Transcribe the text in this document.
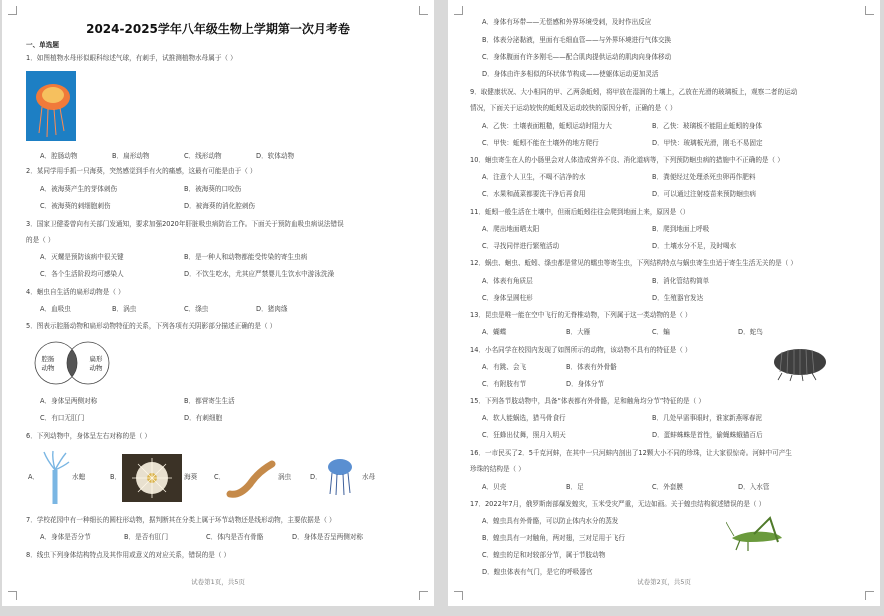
2024-2025学年八年级生物上学期第一次月考卷
一、单选题
1．如图植物水母形似眼科综述气球，有刺手，试推测植物水母属于（ ）
A．腔肠动物	B．扁形动物	C．线形动物	D．软体动物
2．某同学用手抓一只海葵，突然感觉到手有火的痛感，这最有可能是由于（ ）
A．被海葵产生的芽体刺伤	B．被海葵的口咬伤
C．被海葵的刺细胞刺伤	D．被海葵的消化腔刺伤
3．国家卫健委曾向有关部门发通知，要求加强2020年肝脏吸虫病防治工作。下面关于预防血吸虫病说法错误
的是（ ）
A．灭螺是预防该病中很关键	B．是一种人和动物都能受传染的寄生虫病
C．各个生活阶段均可感染人	D．不饮生吃水，尤其应严禁婴儿生饮水中游泳洗澡
4．蛔虫自生活的扁形动物是（ ）
A．血吸虫	B．涡虫	C．绦虫	D．猪肉绦
5．图表示腔肠动物和扁形动物特征的关系，下列各项有关阴影部分描述正确的是（ ）
腔肠
动物
扁形
动物
A．身体呈两侧对称	B．都营寄生生活
C．有口无肛门	D．有刺细胞
6．下列动物中，身体呈左右对称的是（ ）
A．	水螅	B．	海葵	C．	涡虫	D．	水母
7．学校花园中有一种细长的圆柱形动物，据判断其在分类上属于环节动物还是线形动物，主要依据是（ ）
A．身体是否分节	B．是否有肛门	C．体内是否有骨骼	D．身体是否呈两侧对称
8．线虫下列身体结构特点及其作用或意义的对应关系，错误的是（ ）
试卷第1页，共5页
A．身体有环带——无偿感和外界环境受刺，及时作出反应
B．体表分泌黏液，里面有毛细血管——与外界环境进行气体交换
C．身体腹面有许多刚毛——配合肌肉提供运动的肌肉向身体移动
D．身体由许多相似的环状体节构成——使躯体运动更加灵活
9．取健康状况、大小相同的甲、乙两条蚯蚓，将甲放在湿润的土壤上，乙放在光滑的玻璃板上，观察二者的运动
情况，下面关于运动较快的蚯蚓及运动较快的原因分析，正确的是（ ）
A．乙快：土壤表面粗糙，蚯蚓运动时阻力大	B．乙快：玻璃板不能阻止蚯蚓的身体
C．甲快：蚯蚓不能在土壤外的地方爬行	D．甲快：玻璃板光滑，刚毛不易固定
10．蛔虫寄生在人的小肠里会对人体造成营养不良、消化道病等，下列预防蛔虫病的措施中不正确的是（ ）
A．注意个人卫生，不喝不洁净的水	B．粪便经过处理杀死虫卵再作肥料
C．水果和蔬菜都要洗干净后再食用	D．可以通过注射疫苗来预防蛔虫病
11．蚯蚓一般生活在土壤中，但雨后蚯蚓往往会爬到地面上来，原因是（）
A．爬出地面晒太阳	B．爬到地面上呼吸
C．寻找同伴进行繁殖活动	D．土壤水分不足，及时喝水
12．蜗虫、蛔虫、蚯蚓、绦虫都是常见的蠕虫等寄生虫，下列结构特点与蜗虫寄生虫适于寄生生活无关的是（ ）
A．体表有角质层	B．消化管结构简单
C．身体呈圆柱形	D．生殖器官发达
13．昆虫是唯一能在空中飞行的无脊椎动物，下列属于这一类动物的是（ ）
A．蝴蝶	B．大雁	C．蝙	D．蛇鸟
14．小名同学在校园内发现了如图所示的动物，该动物不具有的特征是（ ）
A．有跳、会飞	B．体表有外骨骼
C．有附肢有节	D．身体分节
15．下列各节肢动物中，具备“体表都有外骨骼，足和触角均分节”特征的是（ ）
A．软人能蜗选，猎马骨食行	B．几处早需事眼时，谁家新燕啄春泥
C．狂蜂出仗舞，照月入明天	D．蛋蚌蛛蛛是首性，偷蝇蛛蛾猫百后
16．一市民买了2．5千克河蚌，在其中一只河蚌内剖出了12颗大小不同的珍珠，让大家很惊奇。河蚌中可产生
珍珠的结构是（ ）
A．贝壳	B．足	C．外套膜	D．入水管
17．2022年7月，俄罗斯南部爆发蝗灾，玉米受灾严重，无边如画。关于蝗虫结构叙述错误的是（ ）
A．蝗虫具有外骨骼，可以防止体内水分的蒸发
B．蝗虫具有一对触角，两对翅，三对足用于飞行
C．蝗虫的足和对较部分节，属于节肢动物
D．蝗虫体表有气门，是它的呼吸器官
试卷第2页，共5页
